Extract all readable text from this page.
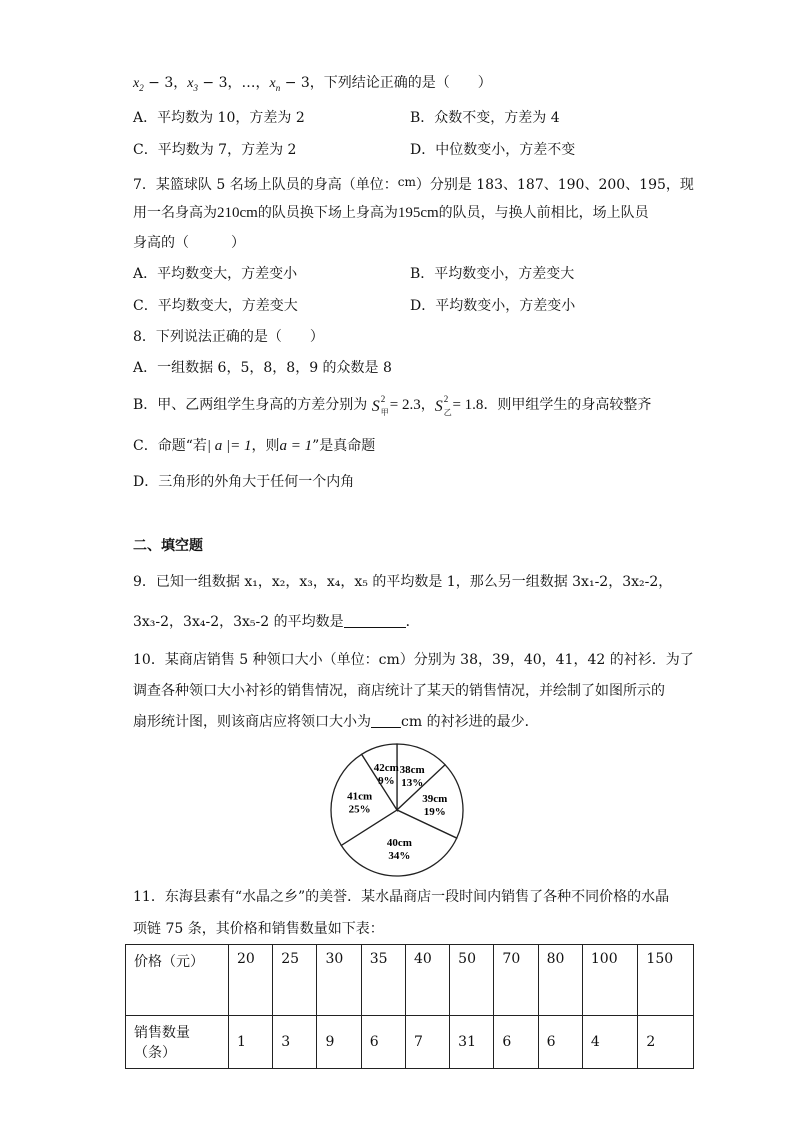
$x_2 - 3$，$x_3 - 3$，…，$x_n - 3$，下列结论正确的是（　　）
A．平均数为 10，方差为 2	B．众数不变，方差为 4
C．平均数为 7，方差为 2	D．中位数变小，方差不变
7．某篮球队 5 名场上队员的身高（单位：cm）分别是 183、187、190、200、195，现
用一名身高为210cm的队员换下场上身高为195cm的队员，与换人前相比，场上队员
身高的（　　　）
A．平均数变大，方差变小	B．平均数变小，方差变大
C．平均数变大，方差变大	D．平均数变小，方差变小
8．下列说法正确的是（　　）
A．一组数据 6，5，8，8，9 的众数是 8
B．甲、乙两组学生身高的方差分别为 S 2
甲 = 2.3，S 2
乙
= 1.8．则甲组学生的身高较整齐
C．命题“若| a |= 1，则a = 1”是真命题
D．三角形的外角大于任何一个内角
二、填空题
9．已知一组数据 x₁，x₂，x₃，x₄，x₅ 的平均数是 1，那么另一组数据 3x₁-2，3x₂-2，
3x₃-2，3x₄-2，3x₅-2 的平均数是	．
10．某商店销售 5 种领口大小（单位：cm）分别为 38，39，40，41，42 的衬衫．为了
调查各种领口大小衬衫的销售情况，商店统计了某天的销售情况，并绘制了如图所示的
扇形统计图，则该商店应将领口大小为 cm 的衬衫进的最少．
38cm
13%
39cm
19%
40cm
34%
41cm
25%
42cm
9%
11．东海县素有“水晶之乡”的美誉．某水晶商店一段时间内销售了各种不同价格的水晶
项链 75 条，其价格和销售数量如下表：
价格（元）	20	25	30	35	40	50	70	80	100	150
销售数量（条）	1	3	9	6	7	31	6	6	4	2
